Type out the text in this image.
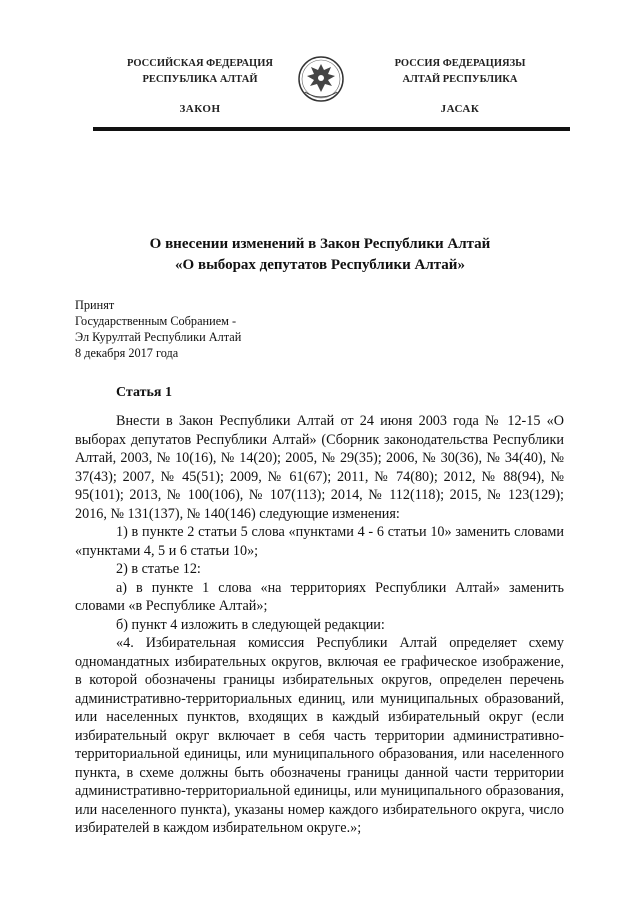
РОССИЙСКАЯ ФЕДЕРАЦИЯ
РЕСПУБЛИКА АЛТАЙ
ЗАКОН
РОССИЯ ФЕДЕРАЦИЯЗЫ
АЛТАЙ РЕСПУБЛИКА
JАСАК
О внесении изменений в Закон Республики Алтай
«О выборах депутатов Республики Алтай»
Принят
Государственным Собранием -
Эл Курултай Республики Алтай
8 декабря 2017 года
Статья 1

Внести в Закон Республики Алтай от 24 июня 2003 года № 12-15 «О выборах депутатов Республики Алтай» (Сборник законодательства Республики Алтай, 2003, № 10(16), № 14(20); 2005, № 29(35); 2006, № 30(36), № 34(40), № 37(43); 2007, № 45(51); 2009, № 61(67); 2011, № 74(80); 2012, № 88(94), № 95(101); 2013, № 100(106), № 107(113); 2014, № 112(118); 2015, № 123(129); 2016, № 131(137), № 140(146) следующие изменения:

1) в пункте 2 статьи 5 слова «пунктами 4 - 6 статьи 10» заменить словами «пунктами 4, 5 и 6 статьи 10»;

2) в статье 12:

а) в пункте 1 слова «на территориях Республики Алтай» заменить словами «в Республике Алтай»;

б) пункт 4 изложить в следующей редакции:

«4. Избирательная комиссия Республики Алтай определяет схему одномандатных избирательных округов, включая ее графическое изображение, в которой обозначены границы избирательных округов, определен перечень административно-территориальных единиц, или муниципальных образований, или населенных пунктов, входящих в каждый избирательный округ (если избирательный округ включает в себя часть территории административно-территориальной единицы, или муниципального образования, или населенного пункта, в схеме должны быть обозначены границы данной части территории административно-территориальной единицы, или муниципального образования, или населенного пункта), указаны номер каждого избирательного округа, число избирателей в каждом избирательном округе.»;
